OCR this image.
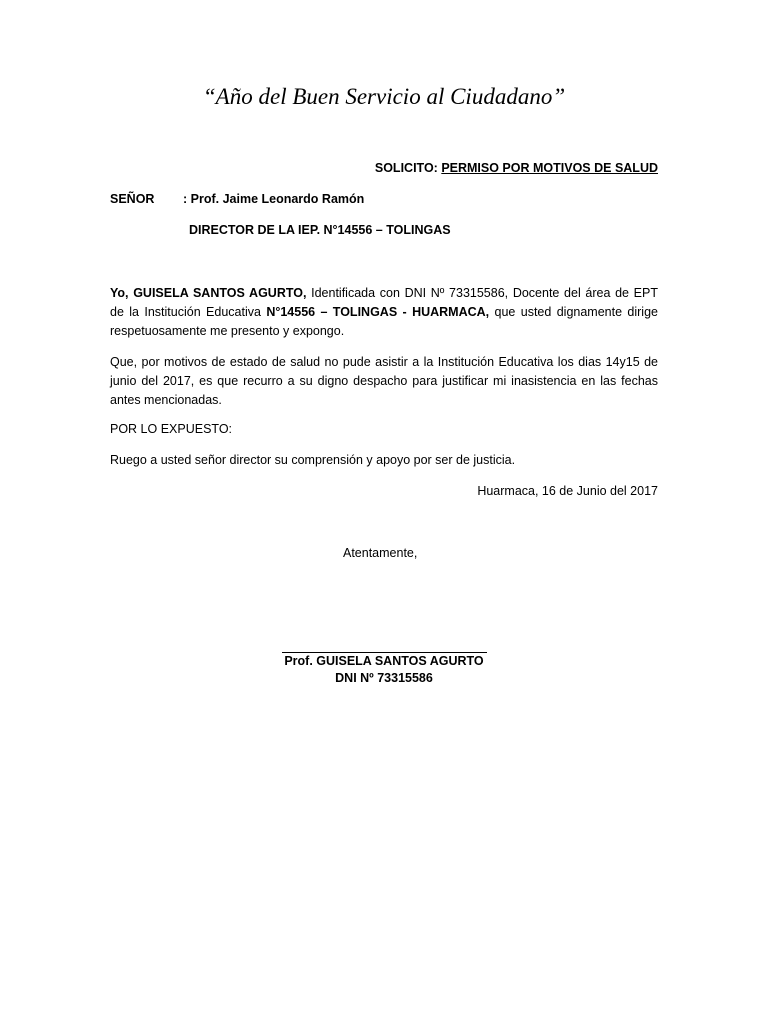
“Año del Buen Servicio al Ciudadano”
SOLICITO: PERMISO POR MOTIVOS DE SALUD
SEÑOR : Prof. Jaime Leonardo Ramón
DIRECTOR DE LA IEP. N°14556 – TOLINGAS
Yo, GUISELA SANTOS AGURTO, Identificada con DNI Nº 73315586, Docente del área de EPT de la Institución Educativa N°14556 – TOLINGAS - HUARMACA, que usted dignamente dirige respetuosamente me presento y expongo.
Que, por motivos de estado de salud no pude asistir a la Institución Educativa los dias 14y15 de junio del 2017, es que recurro a su digno despacho para justificar mi inasistencia en las fechas antes mencionadas.
POR LO EXPUESTO:
Ruego a usted señor director su comprensión y apoyo por ser de justicia.
Huarmaca, 16 de Junio del 2017
Atentamente,
Prof. GUISELA SANTOS AGURTO
DNI Nº 73315586
